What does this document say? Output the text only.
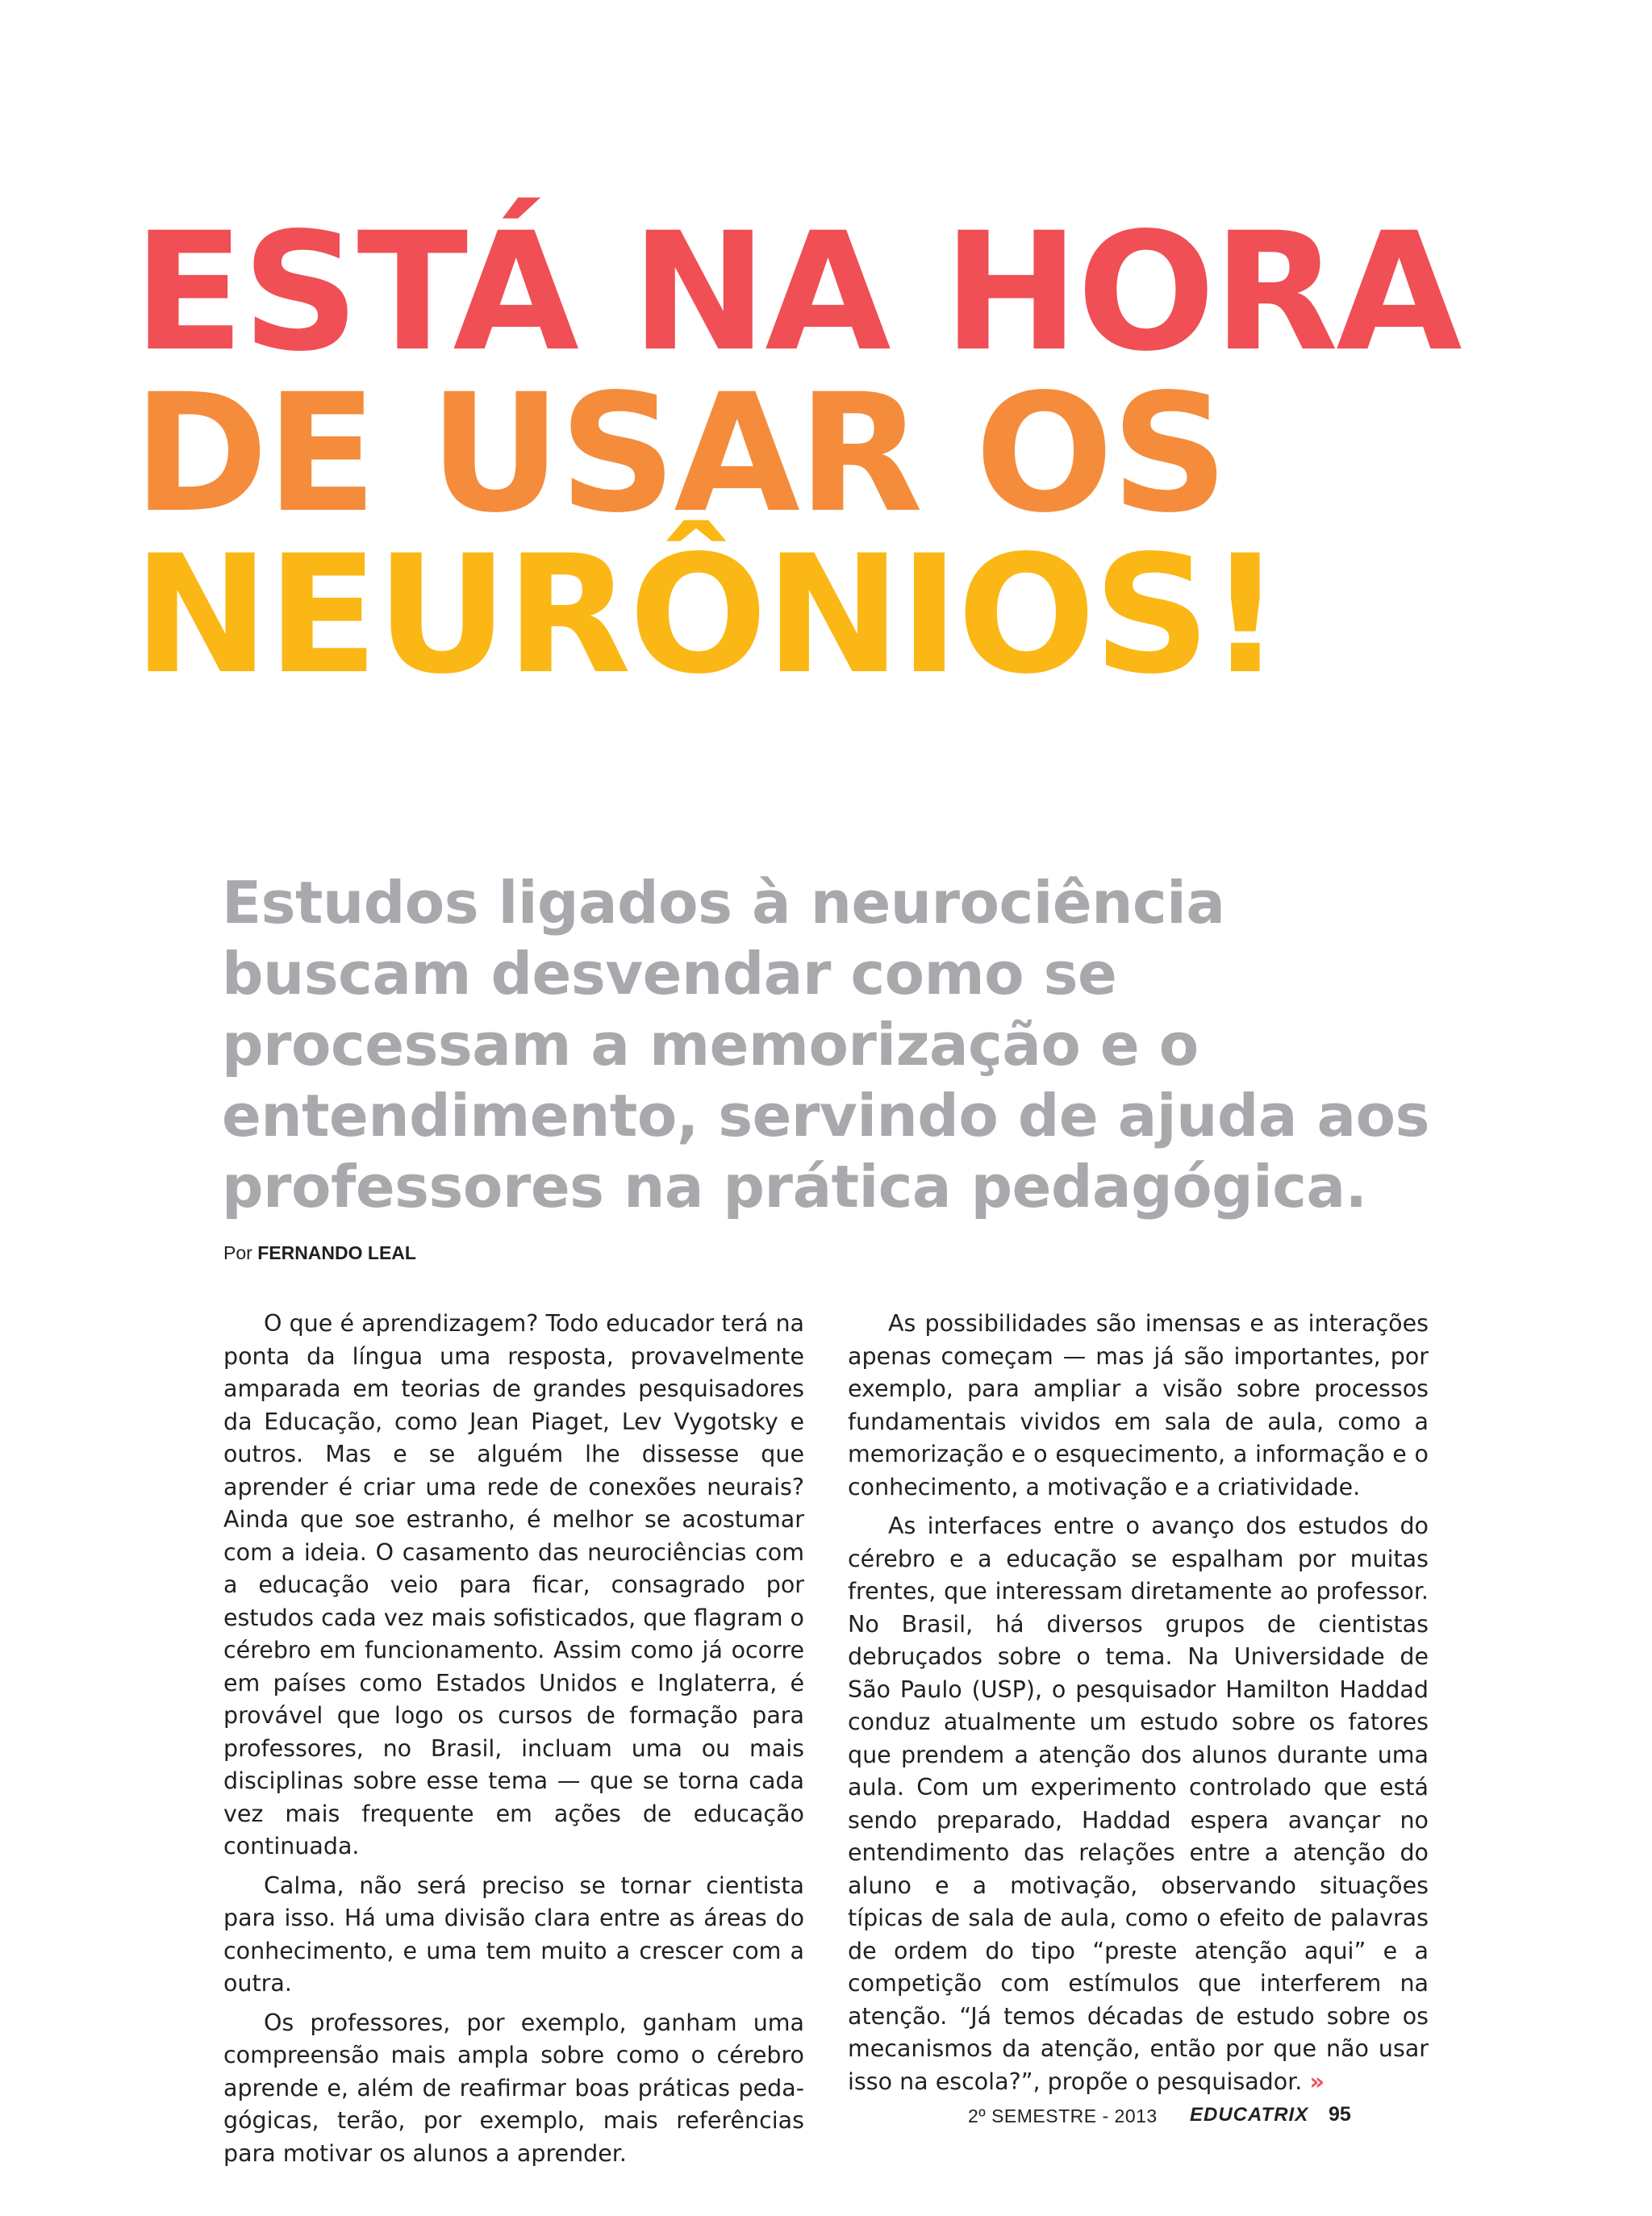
ESTÁ NA HORA
DE USAR OS
NEURÔNIOS!
Estudos ligados à neurociência
buscam desvendar como se
processam a memorização e o
entendimento, servindo de ajuda aos
professores na prática pedagógica.
Por FERNANDO LEAL

O que é aprendizagem? Todo educador terá na ponta da língua uma resposta, provavelmente amparada em teorias de grandes pesquisadores da Educação, como Jean Piaget, Lev Vygotsky e outros. Mas e se alguém lhe dissesse que aprender é criar uma rede de conexões neurais? Ainda que soe estranho, é melhor se acostumar com a ideia. O casamento das neurociências com a educação veio para ficar, consagrado por estudos cada vez mais sofisticados, que flagram o cérebro em funcionamento. Assim como já ocorre em países como Estados Unidos e Inglaterra, é provável que logo os cursos de formação para professores, no Brasil, incluam uma ou mais disciplinas sobre esse tema — que se torna cada vez mais frequente em ações de educação continuada.

Calma, não será preciso se tornar cientista para isso. Há uma divisão clara entre as áreas do conhecimento, e uma tem muito a crescer com a outra.

Os professores, por exemplo, ganham uma compreensão mais ampla sobre como o cérebro aprende e, além de reafirmar boas práticas pedagógicas, terão, por exemplo, mais referências para motivar os alunos a aprender.

As possibilidades são imensas e as interações apenas começam — mas já são importantes, por exemplo, para ampliar a visão sobre processos fundamentais vividos em sala de aula, como a memorização e o esquecimento, a informação e o conhecimento, a motivação e a criatividade.

As interfaces entre o avanço dos estudos do cérebro e a educação se espalham por muitas frentes, que interessam diretamente ao professor. No Brasil, há diversos grupos de cientistas debruçados sobre o tema. Na Universidade de São Paulo (USP), o pesquisador Hamilton Haddad conduz atualmente um estudo sobre os fatores que prendem a atenção dos alunos durante uma aula. Com um experimento controlado que está sendo preparado, Haddad espera avançar no entendimento das relações entre a atenção do aluno e a motivação, observando situações típicas de sala de aula, como o efeito de palavras de ordem do tipo “preste atenção aqui” e a competição com estímulos que interferem na atenção. “Já temos décadas de estudo sobre os mecanismos da atenção, então por que não usar isso na escola?”, propõe o pesquisador. »

2º SEMESTRE - 2013 EDUCATRIX 95
